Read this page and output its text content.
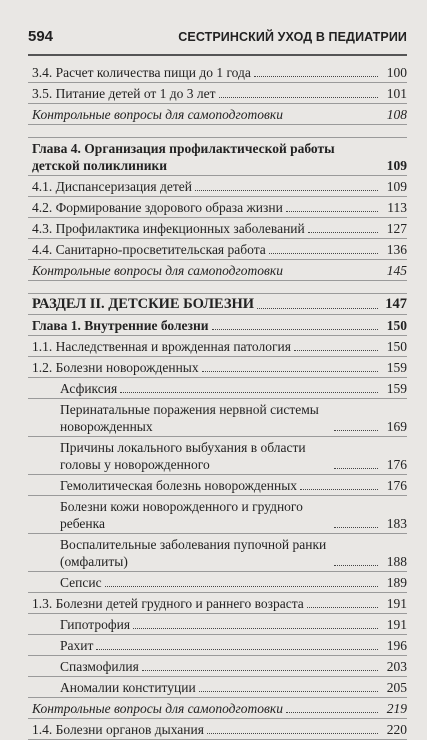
594	СЕСТРИНСКИЙ УХОД В ПЕДИАТРИИ
3.4. Расчет количества пищи до 1 года	100
3.5. Питание детей от 1 до 3 лет	101
Контрольные вопросы для самоподготовки	108
Глава 4. Организация профилактической работы детской поликлиники	109
4.1. Диспансеризация детей	109
4.2. Формирование здорового образа жизни	113
4.3. Профилактика инфекционных заболеваний	127
4.4. Санитарно-просветительская работа	136
Контрольные вопросы для самоподготовки	145
РАЗДЕЛ II. ДЕТСКИЕ БОЛЕЗНИ	147
Глава 1. Внутренние болезни	150
1.1. Наследственная и врожденная патология	150
1.2. Болезни новорожденных	159
Асфиксия	159
Перинатальные поражения нервной системы новорожденных	169
Причины локального выбухания в области головы у новорожденного	176
Гемолитическая болезнь новорожденных	176
Болезни кожи новорожденного и грудного ребенка	183
Воспалительные заболевания пупочной ранки (омфалиты)	188
Сепсис	189
1.3. Болезни детей грудного и раннего возраста	191
Гипотрофия	191
Рахит	196
Спазмофилия	203
Аномалии конституции	205
Контрольные вопросы для самоподготовки	219
1.4. Болезни органов дыхания	220
